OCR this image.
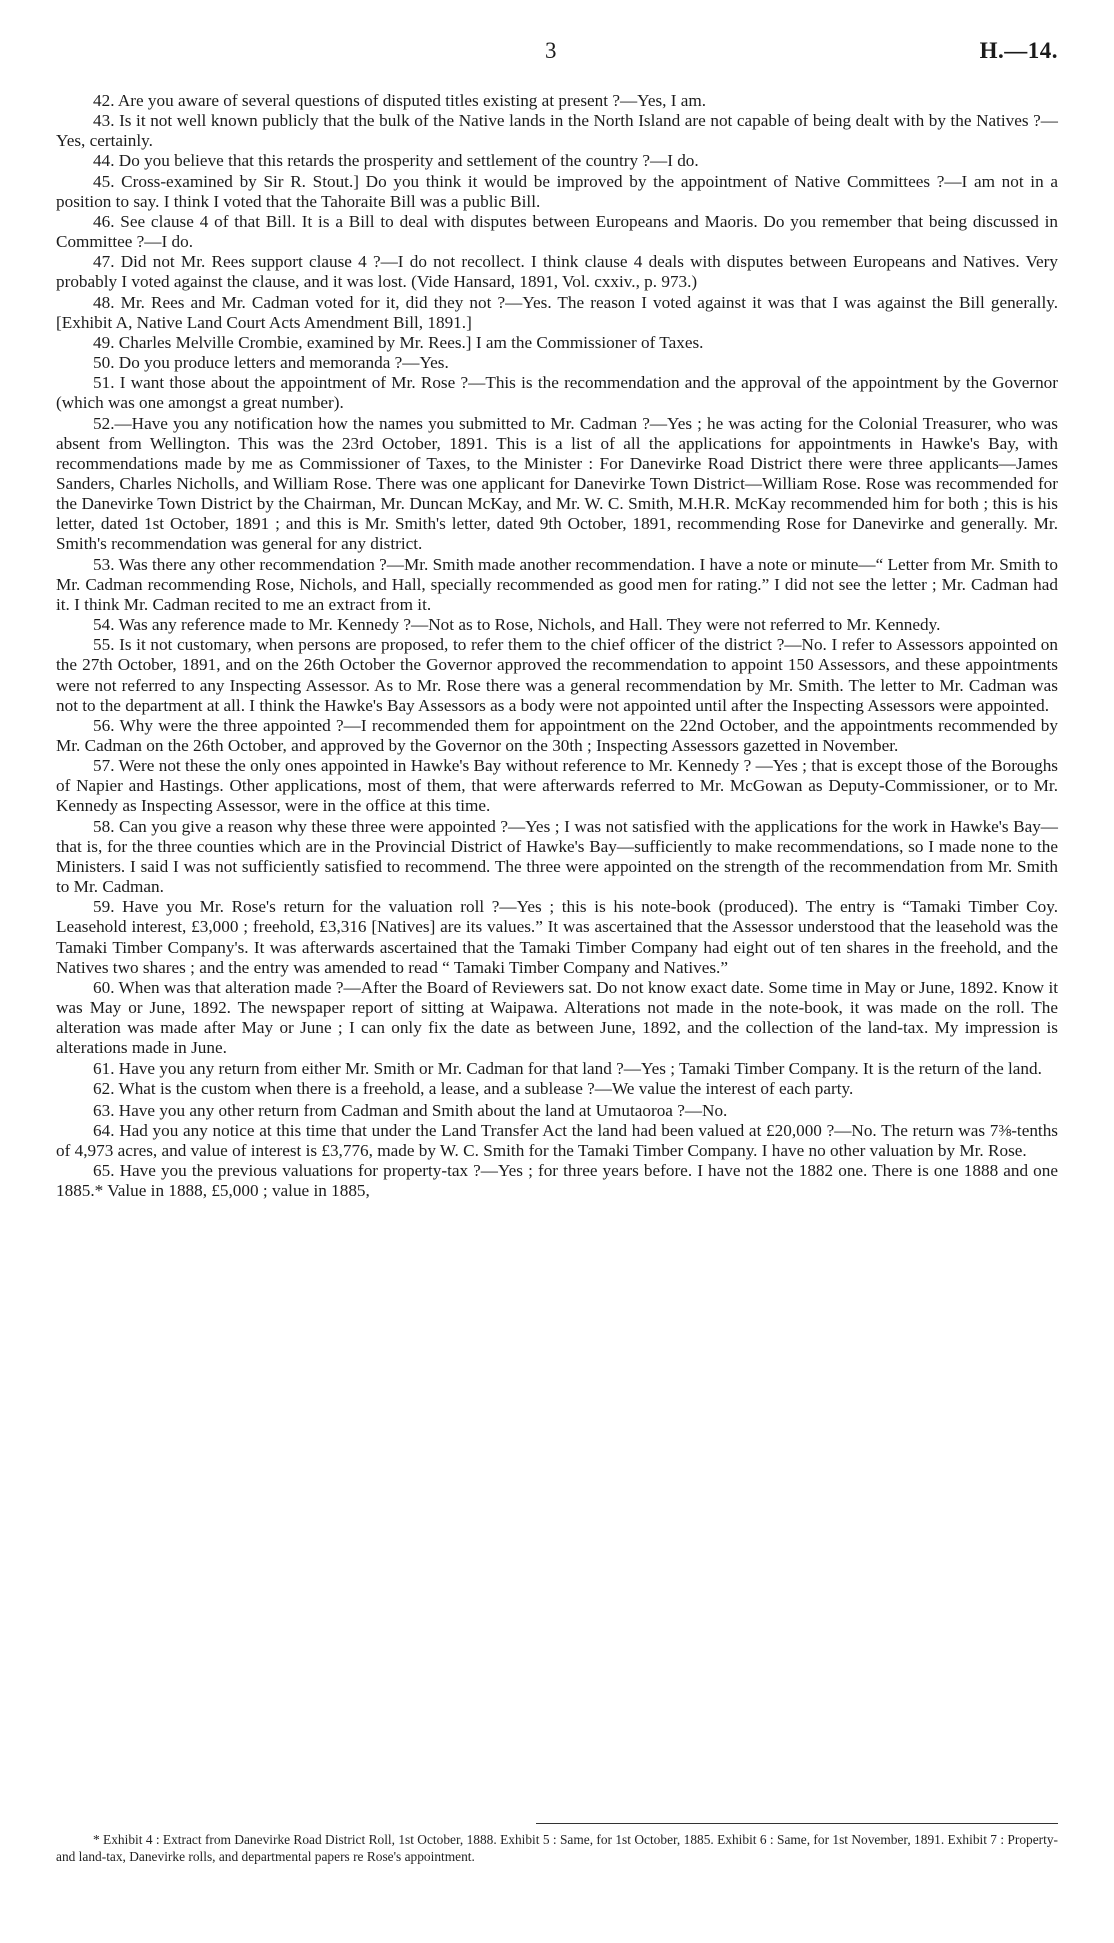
3	H.—14.

42. Are you aware of several questions of disputed titles existing at present ?—Yes, I am.

43. Is it not well known publicly that the bulk of the Native lands in the North Island are not capable of being dealt with by the Natives ?—Yes, certainly.

44. Do you believe that this retards the prosperity and settlement of the country ?—I do.

45. Cross-examined by Sir R. Stout.] Do you think it would be improved by the appointment of Native Committees ?—I am not in a position to say. I think I voted that the Tahoraite Bill was a public Bill.

46. See clause 4 of that Bill. It is a Bill to deal with disputes between Europeans and Maoris. Do you remember that being discussed in Committee ?—I do.

47. Did not Mr. Rees support clause 4 ?—I do not recollect. I think clause 4 deals with disputes between Europeans and Natives. Very probably I voted against the clause, and it was lost. (Vide Hansard, 1891, Vol. cxxiv., p. 973.)

48. Mr. Rees and Mr. Cadman voted for it, did they not ?—Yes. The reason I voted against it was that I was against the Bill generally. [Exhibit A, Native Land Court Acts Amendment Bill, 1891.]

49. Charles Melville Crombie, examined by Mr. Rees.] I am the Commissioner of Taxes.

50. Do you produce letters and memoranda ?—Yes.

51. I want those about the appointment of Mr. Rose ?—This is the recommendation and the approval of the appointment by the Governor (which was one amongst a great number).

52.—Have you any notification how the names you submitted to Mr. Cadman ?—Yes ; he was acting for the Colonial Treasurer, who was absent from Wellington. This was the 23rd October, 1891. This is a list of all the applications for appointments in Hawke's Bay, with recommendations made by me as Commissioner of Taxes, to the Minister : For Danevirke Road District there were three applicants—James Sanders, Charles Nicholls, and William Rose. There was one applicant for Danevirke Town District—William Rose. Rose was recommended for the Danevirke Town District by the Chairman, Mr. Duncan McKay, and Mr. W. C. Smith, M.H.R. McKay recommended him for both ; this is his letter, dated 1st October, 1891 ; and this is Mr. Smith's letter, dated 9th October, 1891, recommending Rose for Danevirke and generally. Mr. Smith's recommendation was general for any district.

53. Was there any other recommendation ?—Mr. Smith made another recommendation. I have a note or minute—“ Letter from Mr. Smith to Mr. Cadman recommending Rose, Nichols, and Hall, specially recommended as good men for rating.” I did not see the letter ; Mr. Cadman had it. I think Mr. Cadman recited to me an extract from it.

54. Was any reference made to Mr. Kennedy ?—Not as to Rose, Nichols, and Hall. They were not referred to Mr. Kennedy.

55. Is it not customary, when persons are proposed, to refer them to the chief officer of the district ?—No. I refer to Assessors appointed on the 27th October, 1891, and on the 26th October the Governor approved the recommendation to appoint 150 Assessors, and these appointments were not referred to any Inspecting Assessor. As to Mr. Rose there was a general recommendation by Mr. Smith. The letter to Mr. Cadman was not to the department at all. I think the Hawke's Bay Assessors as a body were not appointed until after the Inspecting Assessors were appointed.

56. Why were the three appointed ?—I recommended them for appointment on the 22nd October, and the appointments recommended by Mr. Cadman on the 26th October, and approved by the Governor on the 30th ; Inspecting Assessors gazetted in November.

57. Were not these the only ones appointed in Hawke's Bay without reference to Mr. Kennedy ? —Yes ; that is except those of the Boroughs of Napier and Hastings. Other applications, most of them, that were afterwards referred to Mr. McGowan as Deputy-Commissioner, or to Mr. Kennedy as Inspecting Assessor, were in the office at this time.

58. Can you give a reason why these three were appointed ?—Yes ; I was not satisfied with the applications for the work in Hawke's Bay—that is, for the three counties which are in the Provincial District of Hawke's Bay—sufficiently to make recommendations, so I made none to the Ministers. I said I was not sufficiently satisfied to recommend. The three were appointed on the strength of the recommendation from Mr. Smith to Mr. Cadman.

59. Have you Mr. Rose's return for the valuation roll ?—Yes ; this is his note-book (produced). The entry is “Tamaki Timber Coy. Leasehold interest, £3,000 ; freehold, £3,316 [Natives] are its values.” It was ascertained that the Assessor understood that the leasehold was the Tamaki Timber Company's. It was afterwards ascertained that the Tamaki Timber Company had eight out of ten shares in the freehold, and the Natives two shares ; and the entry was amended to read “ Tamaki Timber Company and Natives.”

60. When was that alteration made ?—After the Board of Reviewers sat. Do not know exact date. Some time in May or June, 1892. Know it was May or June, 1892. The newspaper report of sitting at Waipawa. Alterations not made in the note-book, it was made on the roll. The alteration was made after May or June ; I can only fix the date as between June, 1892, and the collection of the land-tax. My impression is alterations made in June.

61. Have you any return from either Mr. Smith or Mr. Cadman for that land ?—Yes ; Tamaki Timber Company. It is the return of the land.

62. What is the custom when there is a freehold, a lease, and a sublease ?—We value the interest of each party.

63. Have you any other return from Cadman and Smith about the land at Umutaoroa ?—No.

64. Had you any notice at this time that under the Land Transfer Act the land had been valued at £20,000 ?—No. The return was 7⅜-tenths of 4,973 acres, and value of interest is £3,776, made by W. C. Smith for the Tamaki Timber Company. I have no other valuation by Mr. Rose.

65. Have you the previous valuations for property-tax ?—Yes ; for three years before. I have not the 1882 one. There is one 1888 and one 1885.* Value in 1888, £5,000 ; value in 1885,

* Exhibit 4 : Extract from Danevirke Road District Roll, 1st October, 1888. Exhibit 5 : Same, for 1st October, 1885. Exhibit 6 : Same, for 1st November, 1891. Exhibit 7 : Property- and land-tax, Danevirke rolls, and departmental papers re Rose's appointment.
